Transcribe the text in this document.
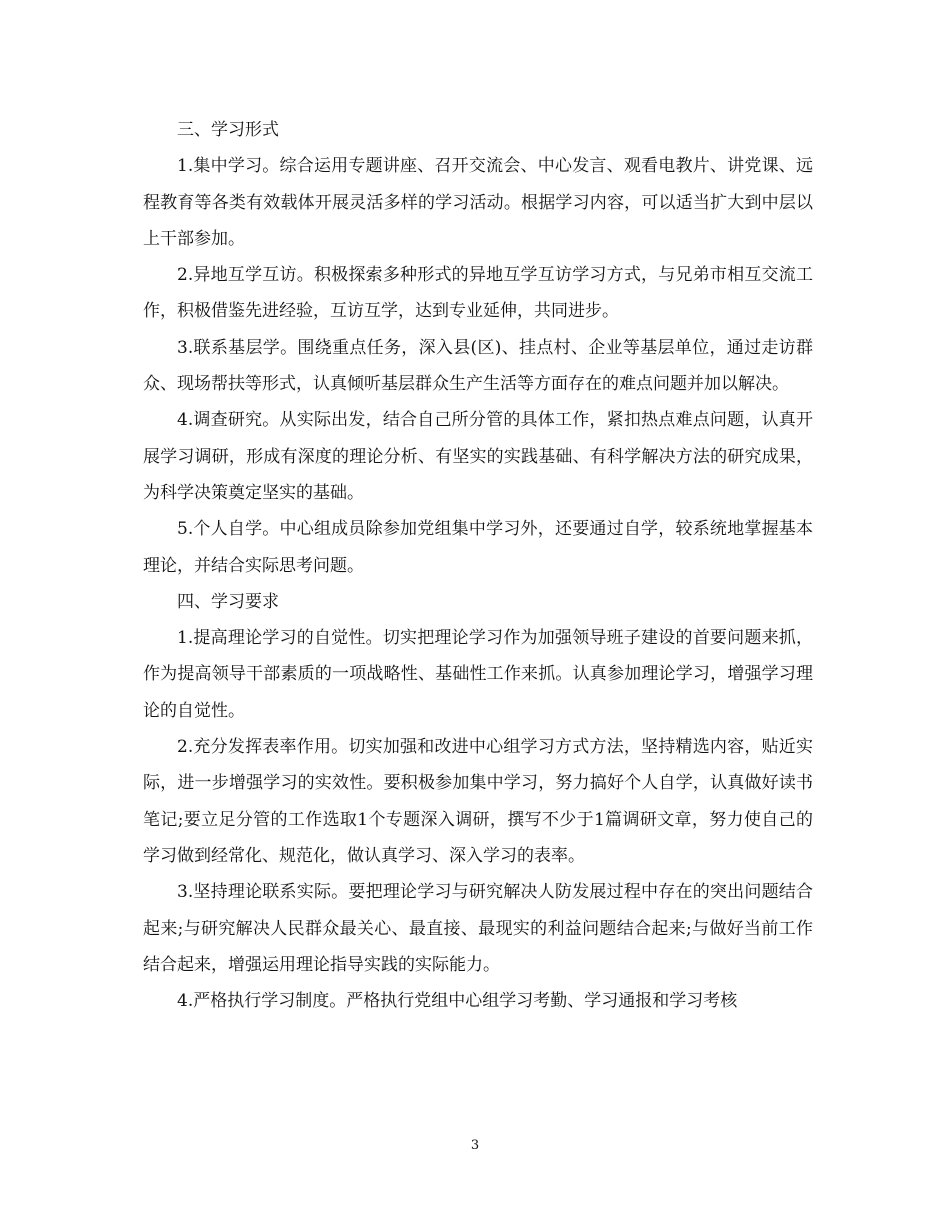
三、学习形式

1.集中学习。综合运用专题讲座、召开交流会、中心发言、观看电教片、讲党课、远程教育等各类有效载体开展灵活多样的学习活动。根据学习内容，可以适当扩大到中层以上干部参加。

2.异地互学互访。积极探索多种形式的异地互学互访学习方式，与兄弟市相互交流工作，积极借鉴先进经验，互访互学，达到专业延伸，共同进步。

3.联系基层学。围绕重点任务，深入县(区)、挂点村、企业等基层单位，通过走访群众、现场帮扶等形式，认真倾听基层群众生产生活等方面存在的难点问题并加以解决。

4.调查研究。从实际出发，结合自己所分管的具体工作，紧扣热点难点问题，认真开展学习调研，形成有深度的理论分析、有坚实的实践基础、有科学解决方法的研究成果，为科学决策奠定坚实的基础。

5.个人自学。中心组成员除参加党组集中学习外，还要通过自学，较系统地掌握基本理论，并结合实际思考问题。

四、学习要求

1.提高理论学习的自觉性。切实把理论学习作为加强领导班子建设的首要问题来抓，作为提高领导干部素质的一项战略性、基础性工作来抓。认真参加理论学习，增强学习理论的自觉性。

2.充分发挥表率作用。切实加强和改进中心组学习方式方法，坚持精选内容，贴近实际，进一步增强学习的实效性。要积极参加集中学习，努力搞好个人自学，认真做好读书笔记;要立足分管的工作选取1个专题深入调研，撰写不少于1篇调研文章，努力使自己的学习做到经常化、规范化，做认真学习、深入学习的表率。

3.坚持理论联系实际。要把理论学习与研究解决人防发展过程中存在的突出问题结合起来;与研究解决人民群众最关心、最直接、最现实的利益问题结合起来;与做好当前工作结合起来，增强运用理论指导实践的实际能力。

4.严格执行学习制度。严格执行党组中心组学习考勤、学习通报和学习考核

3
